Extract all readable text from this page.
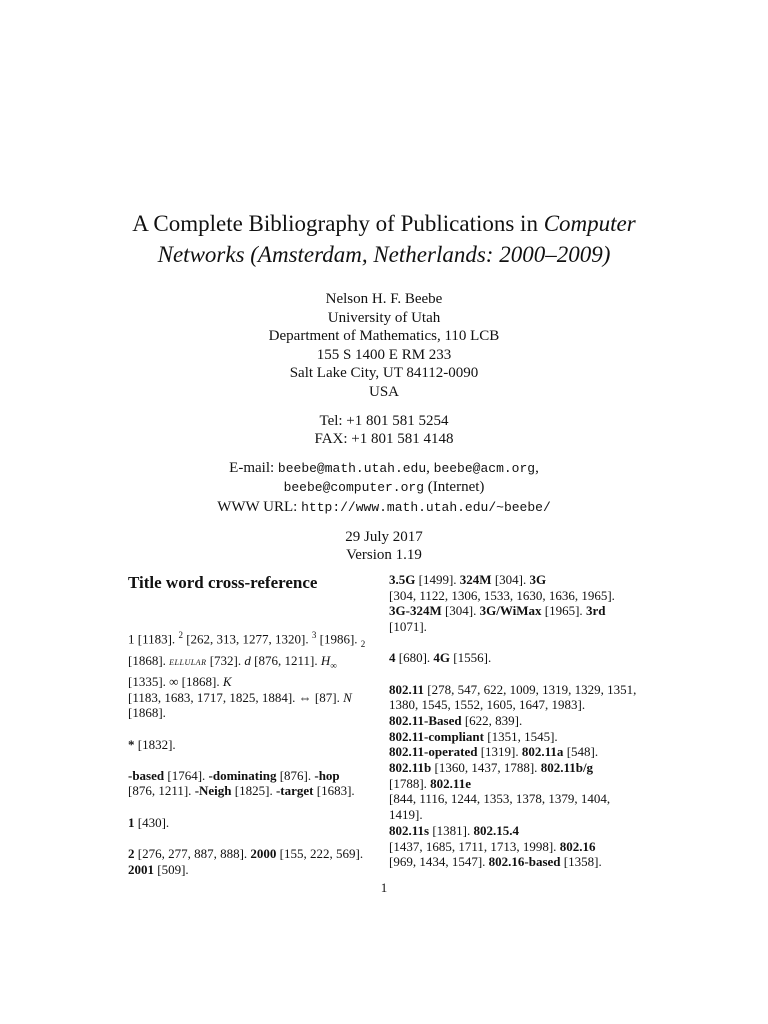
A Complete Bibliography of Publications in Computer
Networks (Amsterdam, Netherlands: 2000–2009)
Nelson H. F. Beebe
University of Utah
Department of Mathematics, 110 LCB
155 S 1400 E RM 233
Salt Lake City, UT 84112-0090
USA
Tel: +1 801 581 5254
FAX: +1 801 581 4148
E-mail: beebe@math.utah.edu, beebe@acm.org,
beebe@computer.org (Internet)
WWW URL: http://www.math.utah.edu/~beebe/
29 July 2017
Version 1.19
Title word cross-reference
1 [1183]. $^2$ [262, 313, 1277, 1320]. $^3$ [1986]. $_2$
[1868]. ELLULAR [732]. d [876, 1211]. $H_\infty$
[1335]. ∞ [1868]. K
[1183, 1683, 1717, 1825, 1884]. ⇔ [87]. N
[1868].
* [1832].
-based [1764]. -dominating [876]. -hop
[876, 1211]. -Neigh [1825]. -target [1683].
1 [430].
2 [276, 277, 887, 888]. 2000 [155, 222, 569].
2001 [509].
3.5G [1499]. 324M [304]. 3G
[304, 1122, 1306, 1533, 1630, 1636, 1965].
3G-324M [304]. 3G/WiMax [1965]. 3rd
[1071].
4 [680]. 4G [1556].
802.11 [278, 547, 622, 1009, 1319, 1329, 1351, 1380, 1545, 1552, 1605, 1647, 1983].
802.11-Based [622, 839].
802.11-compliant [1351, 1545].
802.11-operated [1319]. 802.11a [548].
802.11b [1360, 1437, 1788]. 802.11b/g
[1788]. 802.11e
[844, 1116, 1244, 1353, 1378, 1379, 1404, 1419].
802.11s [1381]. 802.15.4
[1437, 1685, 1711, 1713, 1998]. 802.16
[969, 1434, 1547]. 802.16-based [1358].
1
